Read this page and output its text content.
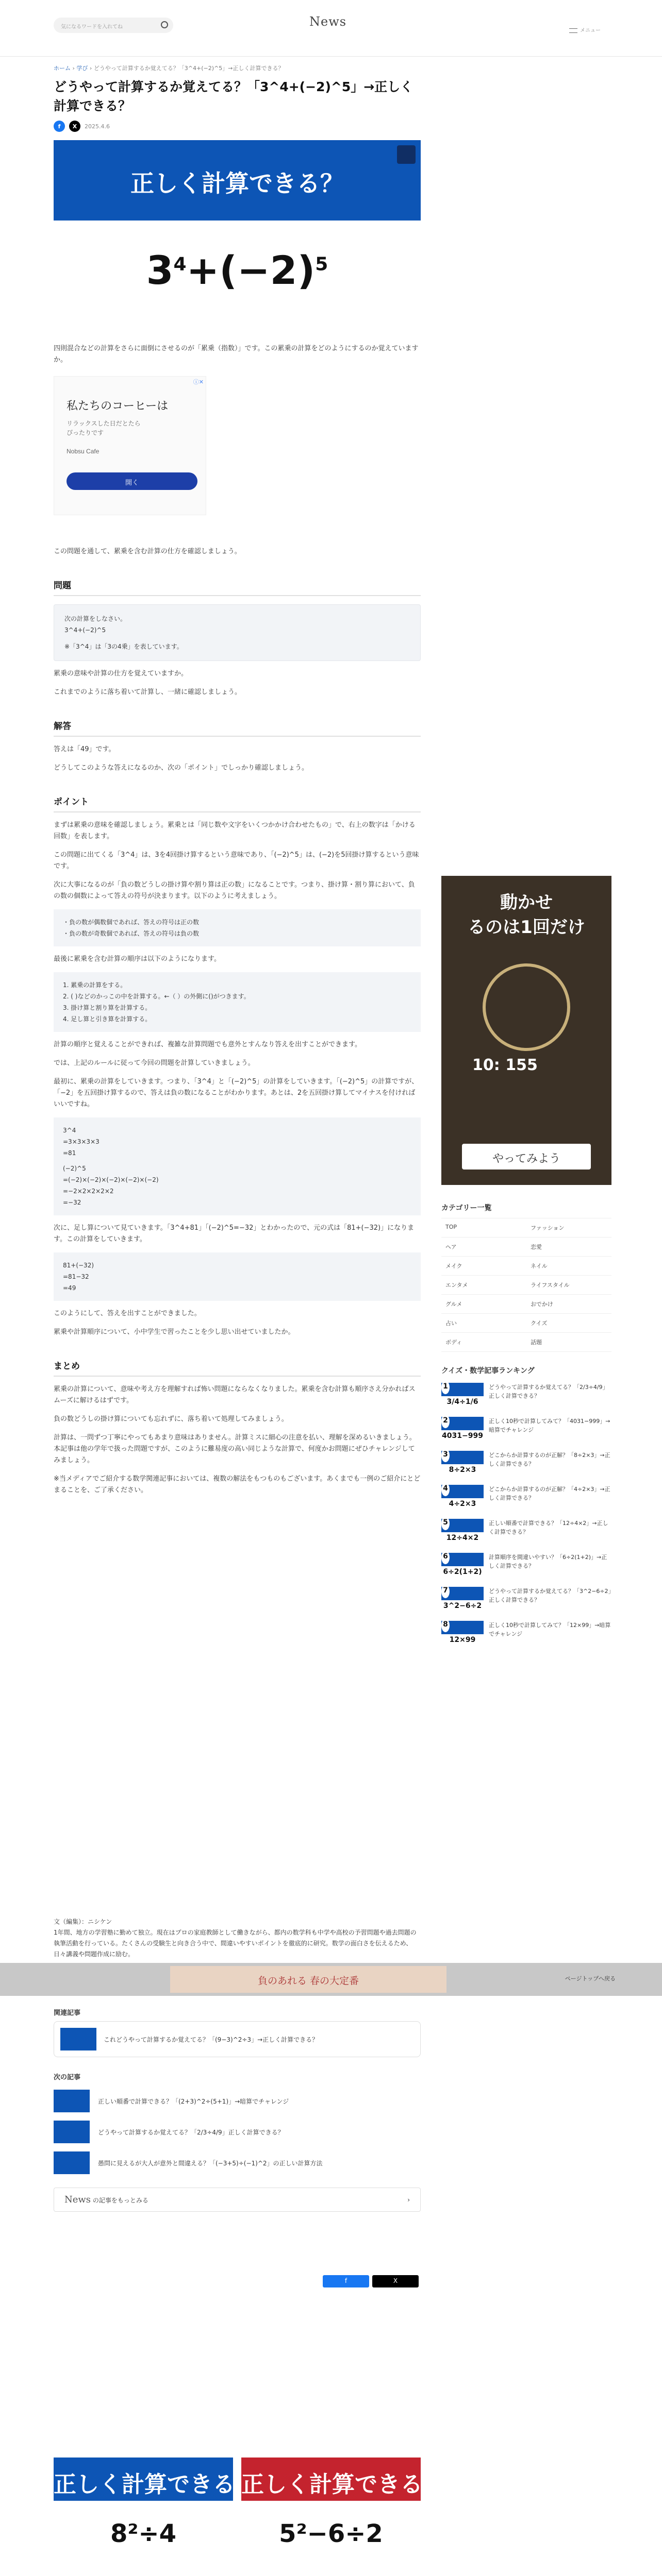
気になるワードを入れてね	News
メニュー
ホーム › 学び › どうやって計算するか覚えてる？「3^4+(−2)^5」→正しく計算できる？
どうやって計算するか覚えてる？「3^4+(−2)^5」→正しく計算できる？
f	X	2025.4.6
正しく計算できる？
$3^4+(-2)^5$

四則混合などの計算をさらに面倒にさせるのが「累乗（指数）」です。この累乗の計算をどのようにするのか覚えていますか。

ⓘ✕
私たちのコーヒーは
リラックスした日だとたら
ぴったりです

Nobsu Cafe
開く

この問題を通して、累乗を含む計算の仕方を確認しましょう。

問題
次の計算をしなさい。
3^4+(−2)^5
※「3^4」は「3の4乗」を表しています。

累乗の意味や計算の仕方を覚えていますか。

これまでのように落ち着いて計算し、一緒に確認しましょう。

解答

答えは「49」です。

どうしてこのような答えになるのか、次の「ポイント」でしっかり確認しましょう。

ポイント

まずは累乗の意味を確認しましょう。累乗とは「同じ数や文字をいくつかかけ合わせたもの」で、右上の数字は「かける回数」を表します。

この問題に出てくる「3^4」は、3を4回掛け算するという意味であり、「(−2)^5」は、(−2)を5回掛け算するという意味です。

次に大事になるのが「負の数どうしの掛け算や割り算は正の数」になることです。つまり、掛け算・割り算において、負の数の個数によって答えの符号が決まります。以下のように考えましょう。

・負の数が偶数個であれば、答えの符号は正の数
・負の数が奇数個であれば、答えの符号は負の数

最後に累乗を含む計算の順序は以下のようになります。

1. 累乗の計算をする。
2. ( )などのかっこの中を計算する。←（ ）の外側に()がつきます。
3. 掛け算と割り算を計算する。
4. 足し算と引き算を計算する。

計算の順序と覚えることができれば、複雑な計算問題でも意外とすんなり答えを出すことができます。

では、上記のルールに従って今回の問題を計算していきましょう。

最初に、累乗の計算をしていきます。つまり、「3^4」と「(−2)^5」の計算をしていきます。「(−2)^5」の計算ですが、「−2」を五回掛け算するので、答えは負の数になることがわかります。あとは、2を五回掛け算してマイナスを付ければいいですね。

3^4
=3×3×3×3
=81
(−2)^5
=(−2)×(−2)×(−2)×(−2)×(−2)
=−2×2×2×2×2
=−32

次に、足し算について見ていきます。「3^4+81」「(−2)^5=−32」とわかったので、元の式は「81+(−32)」になります。この計算をしていきます。

81+(−32)
=81−32
=49

このようにして、答えを出すことができました。

累乗や計算順序について、小中学生で習ったことを少し思い出せていましたか。

まとめ

累乗の計算について、意味や考え方を理解すれば怖い問題にならなくなりました。累乗を含む計算も順序さえ分かればスムーズに解けるはずです。

負の数どうしの掛け算についても忘れずに、落ち着いて処理してみましょう。

計算は、一問ずつ丁寧にやってもあまり意味はありません。計算ミスに細心の注意を払い、理解を深めるいきましょう。本記事は他の学年で扱った問題ですが、このように難易度の高い同じような計算で、何度かお問題にぜひチャレンジしてみましょう。

※当メディアでご紹介する数学関連記事においては、複数の解法をもつものもございます。あくまでも一例のご紹介にとどまることを、ご了承ください。

文（編集）：ニシケン
1年間、地方の学習塾に勤めて独立。現在はプロの家庭教師として働きながら、都内の数学科も中学や高校の予習問題や過去問題の執筆活動を行っている。たくさんの受験生と向き合う中で、間違いやすいポイントを徹底的に研究。数学の面白さを伝えるため、日々講義や問題作成に励む。
動かせ
るのは1回だけ
10: 155
やってみよう
カテゴリー一覧
TOP	ファッション
ヘア	恋愛
メイク	ネイル
エンタメ	ライフスタイル
グルメ	おでかけ
占い	クイズ
ボディ	話題
クイズ・数学記事ランキング
1
3/4÷1/6
どうやって計算するか覚えてる？「2/3÷4/9」正しく計算できる？
2
4031−999
正しく10秒で計算してみて？「4031−999」→暗算でチャレンジ
3
8÷2×3
どこからか計算するのが正解？「8÷2×3」→正しく計算できる？
4
4÷2×3
どこからか計算するのが正解？「4÷2×3」→正しく計算できる？
5
12÷4×2
正しい順番で計算できる？「12÷4×2」→正しく計算できる？
6
6÷2(1+2)
計算順序を間違いやすい？「6÷2(1+2)」→正しく計算できる？
7
3^2−6÷2
どうやって計算するか覚えてる？「3^2−6÷2」正しく計算できる？
8
12×99
正しく10秒で計算してみて？「12×99」→暗算でチャレンジ
負のあれる 春の大定番	ページトップへ戻る
関連記事
これどうやって計算するか覚えてる？「(9−3)^2÷3」→正しく計算できる？
次の記事
正しい順番で計算できる？「(2+3)^2÷(5+1)」→暗算でチャレンジ
どうやって計算するか覚えてる？「2/3÷4/9」正しく計算できる？
愚問に見えるが大人が意外と間違える？「(−3+5)÷(−1)^2」の正しい計算方法
News の記事をもっとみる	›
f	X
正しく計算できる
8²÷4
正しく計算できる？
5²−6÷2
